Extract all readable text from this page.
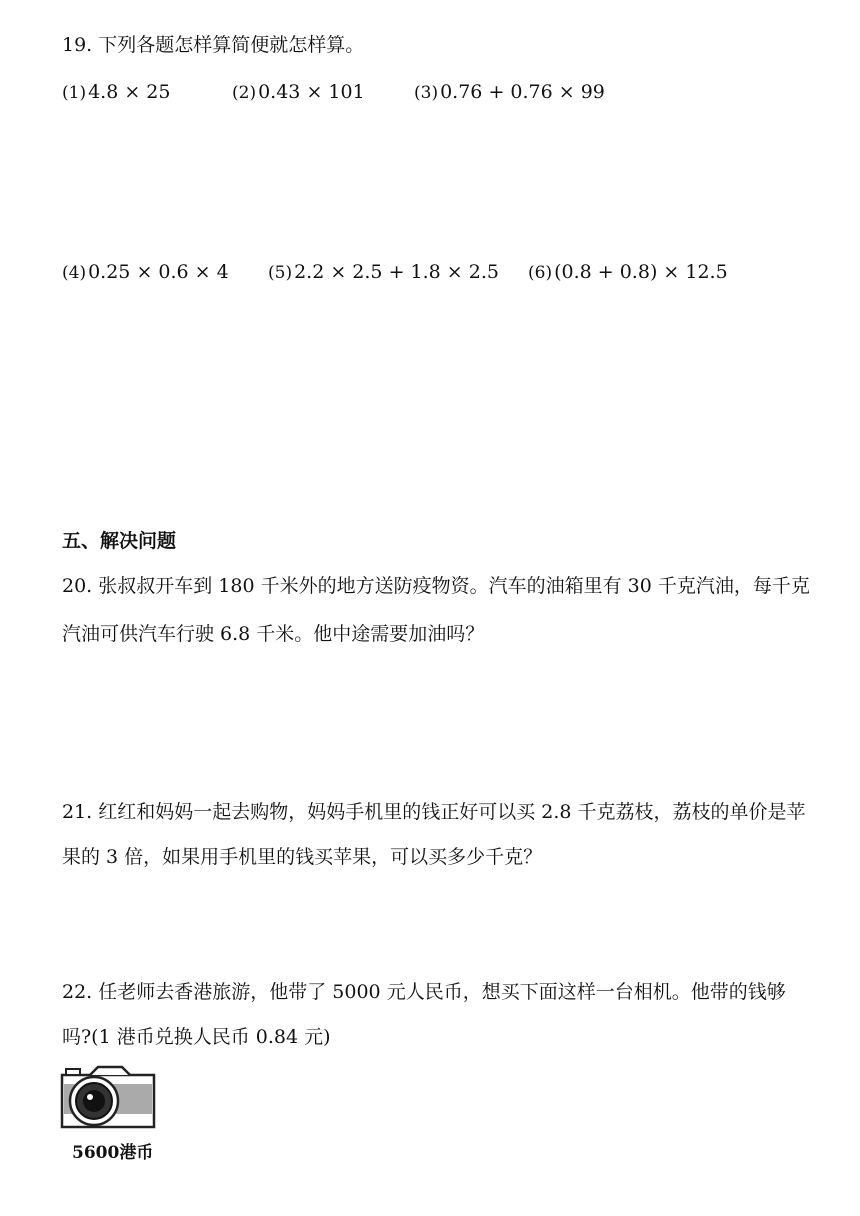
19. 下列各题怎样算简便就怎样算。
(1) 4.8 × 25	(2) 0.43 × 101	(3) 0.76 + 0.76 × 99
(4) 0.25 × 0.6 × 4 (5) 2.2 × 2.5 + 1.8 × 2.5 (6) (0.8 + 0.8) × 12.5
五、解决问题
20. 张叔叔开车到 180 千米外的地方送防疫物资。汽车的油箱里有 30 千克汽油，每千克
汽油可供汽车行驶 6.8 千米。他中途需要加油吗？
21. 红红和妈妈一起去购物，妈妈手机里的钱正好可以买 2.8 千克荔枝，荔枝的单价是苹
果的 3 倍，如果用手机里的钱买苹果，可以买多少千克？
22. 任老师去香港旅游，他带了 5000 元人民币，想买下面这样一台相机。他带的钱够
吗?(1 港币兑换人民币 0.84 元)
5600港币
